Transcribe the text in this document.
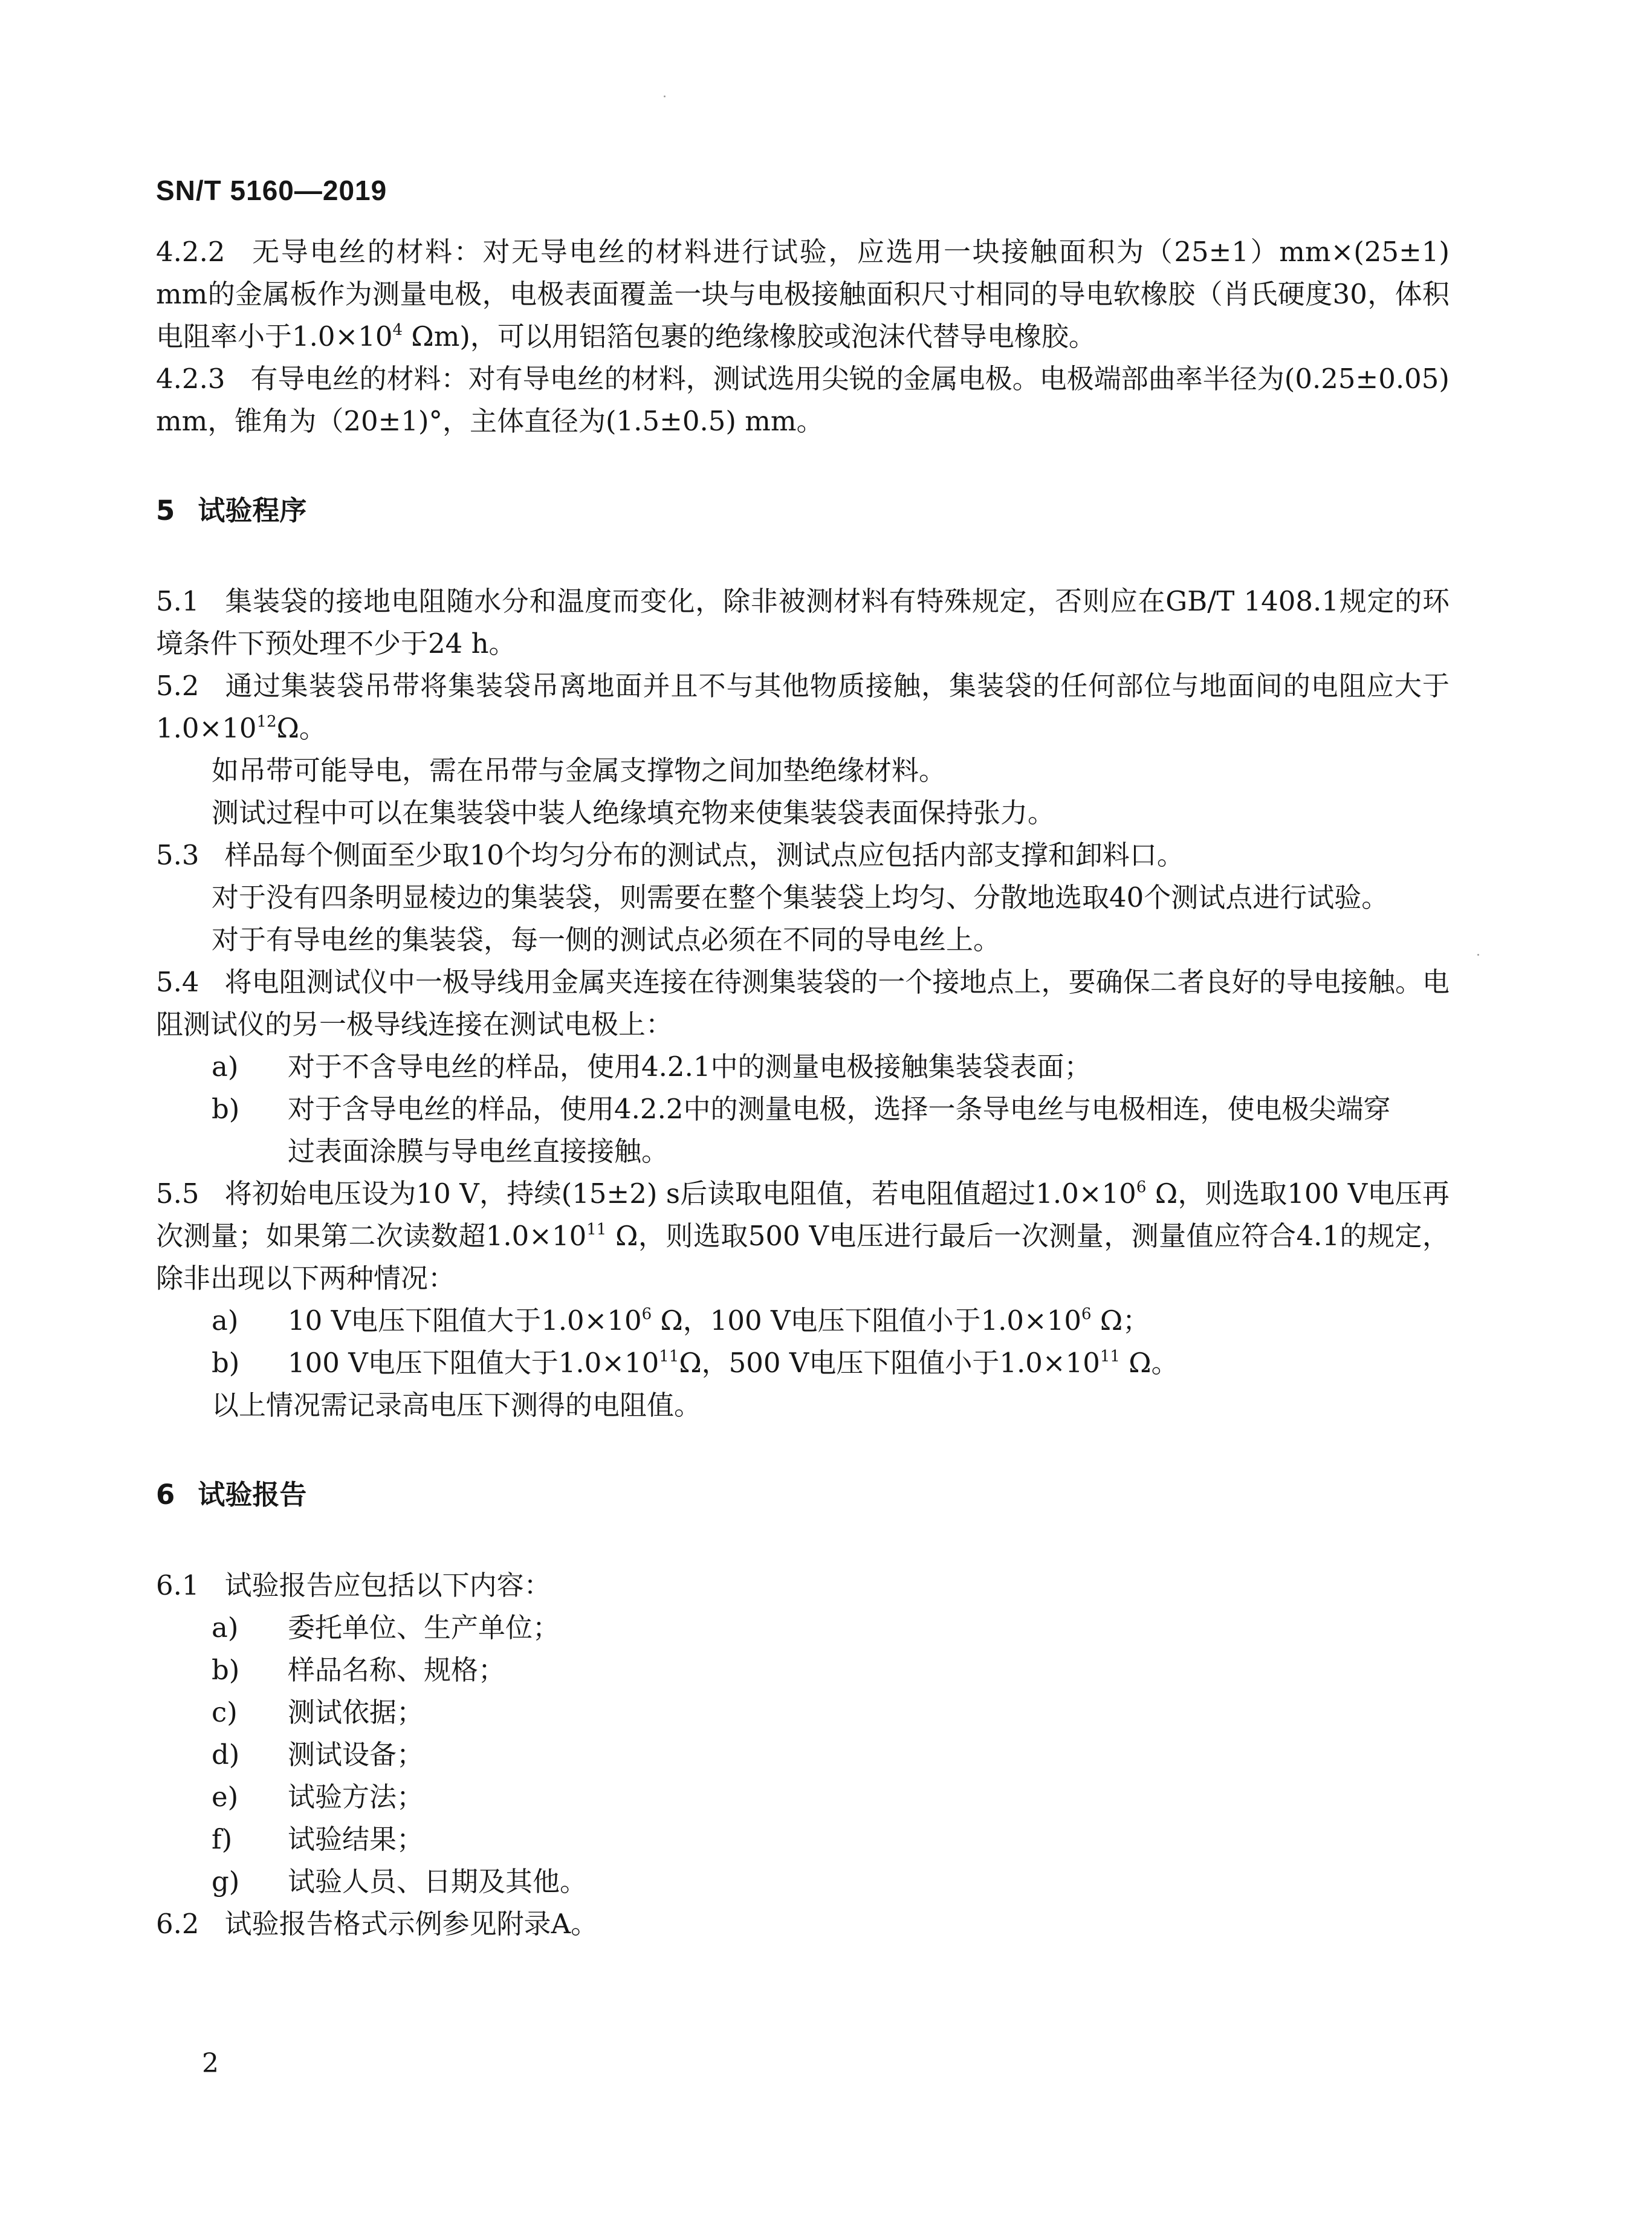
SN/T 5160—2019

4.2.2 无导电丝的材料：对无导电丝的材料进行试验，应选用一块接触面积为（25±1）mm×(25±1) mm的金属板作为测量电极，电极表面覆盖一块与电极接触面积尺寸相同的导电软橡胶（肖氏硬度30，体积电阻率小于$1.0\times 10^4$ Ωm)，可以用铝箔包裹的绝缘橡胶或泡沫代替导电橡胶。

4.2.3 有导电丝的材料：对有导电丝的材料，测试选用尖锐的金属电极。电极端部曲率半径为(0.25±0.05) mm，锥角为（20±1)°，主体直径为(1.5±0.5) mm。

5 试验程序

5.1 集装袋的接地电阻随水分和温度而变化，除非被测材料有特殊规定，否则应在GB/T 1408.1规定的环境条件下预处理不少于24 h。

5.2 通过集装袋吊带将集装袋吊离地面并且不与其他物质接触，集装袋的任何部位与地面间的电阻应大于$1.0\times 10^{12}\Omega$。

如吊带可能导电，需在吊带与金属支撑物之间加垫绝缘材料。

测试过程中可以在集装袋中装人绝缘填充物来使集装袋表面保持张力。

5.3 样品每个侧面至少取10个均匀分布的测试点，测试点应包括内部支撑和卸料口。

对于没有四条明显棱边的集装袋，则需要在整个集装袋上均匀、分散地选取40个测试点进行试验。

对于有导电丝的集装袋，每一侧的测试点必须在不同的导电丝上。

5.4 将电阻测试仪中一极导线用金属夹连接在待测集装袋的一个接地点上，要确保二者良好的导电接触。电阻测试仪的另一极导线连接在测试电极上：

a) 对于不含导电丝的样品，使用4.2.1中的测量电极接触集装袋表面；
b) 对于含导电丝的样品，使用4.2.2中的测量电极，选择一条导电丝与电极相连，使电极尖端穿
过表面涂膜与导电丝直接接触。

5.5 将初始电压设为10 V，持续(15±2) s后读取电阻值，若电阻值超过$1.0\times 10^6$ Ω，则选取100 V电压再次测量；如果第二次读数超$1.0\times 10^{11}$ Ω，则选取500 V电压进行最后一次测量，测量值应符合4.1的规定，除非出现以下两种情况：

a) 10 V电压下阻值大于$1.0\times 10^6$ Ω，100 V电压下阻值小于$1.0\times 10^6$ Ω；
b) 100 V电压下阻值大于$1.0\times 10^{11}\Omega$，500 V电压下阻值小于$1.0\times 10^{11}$ Ω。

以上情况需记录高电压下测得的电阻值。

6 试验报告

6.1 试验报告应包括以下内容：

a) 委托单位、生产单位；
b) 样品名称、规格；
c) 测试依据；
d) 测试设备；
e) 试验方法；
f) 试验结果；
g) 试验人员、日期及其他。

6.2 试验报告格式示例参见附录A。

2
